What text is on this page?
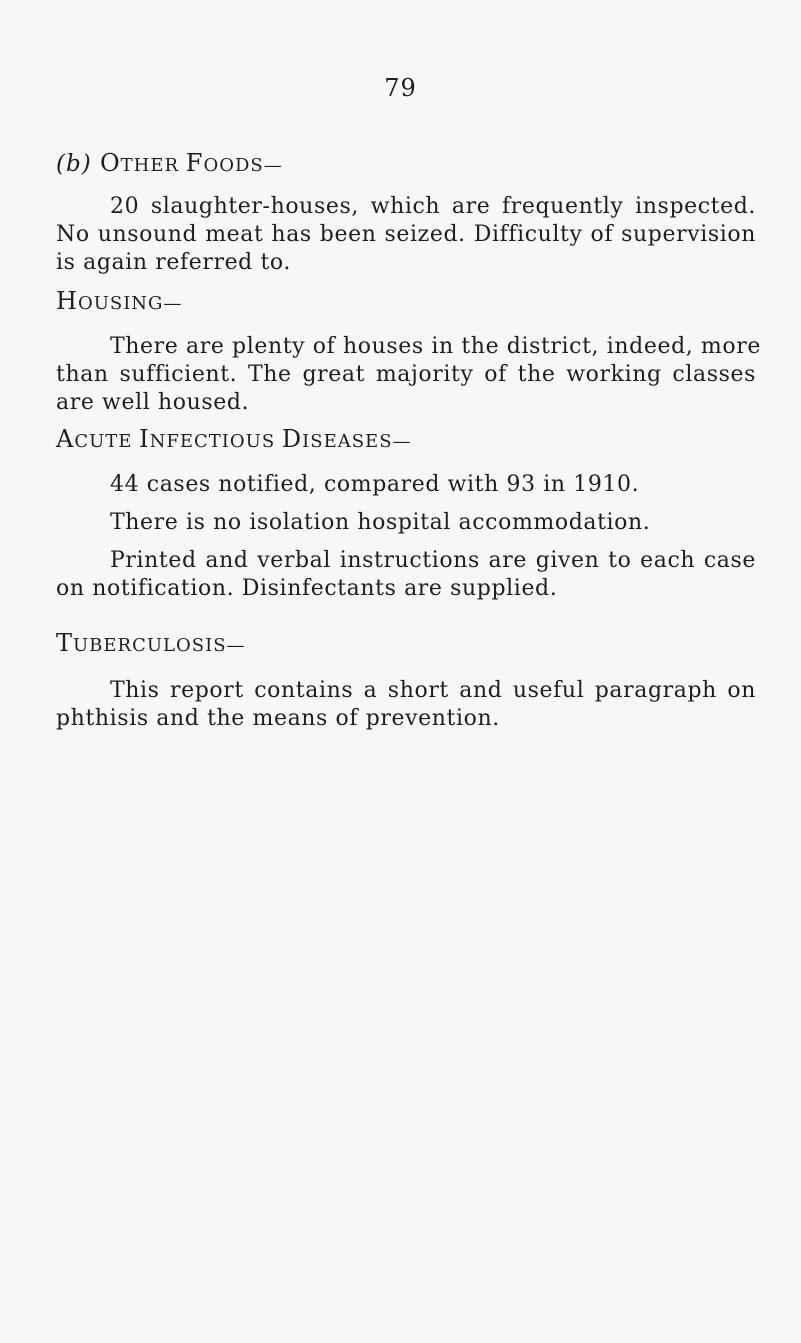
79
(b) OTHER FOODS—
20 slaughter-houses, which are frequently inspected.
No unsound meat has been seized. Difficulty of supervision
is again referred to.
HOUSING—
There are plenty of houses in the district, indeed, more
than sufficient. The great majority of the working classes
are well housed.
ACUTE INFECTIOUS DISEASES—
44 cases notified, compared with 93 in 1910.
There is no isolation hospital accommodation.
Printed and verbal instructions are given to each case
on notification. Disinfectants are supplied.
TUBERCULOSIS—
This report contains a short and useful paragraph on
phthisis and the means of prevention.
